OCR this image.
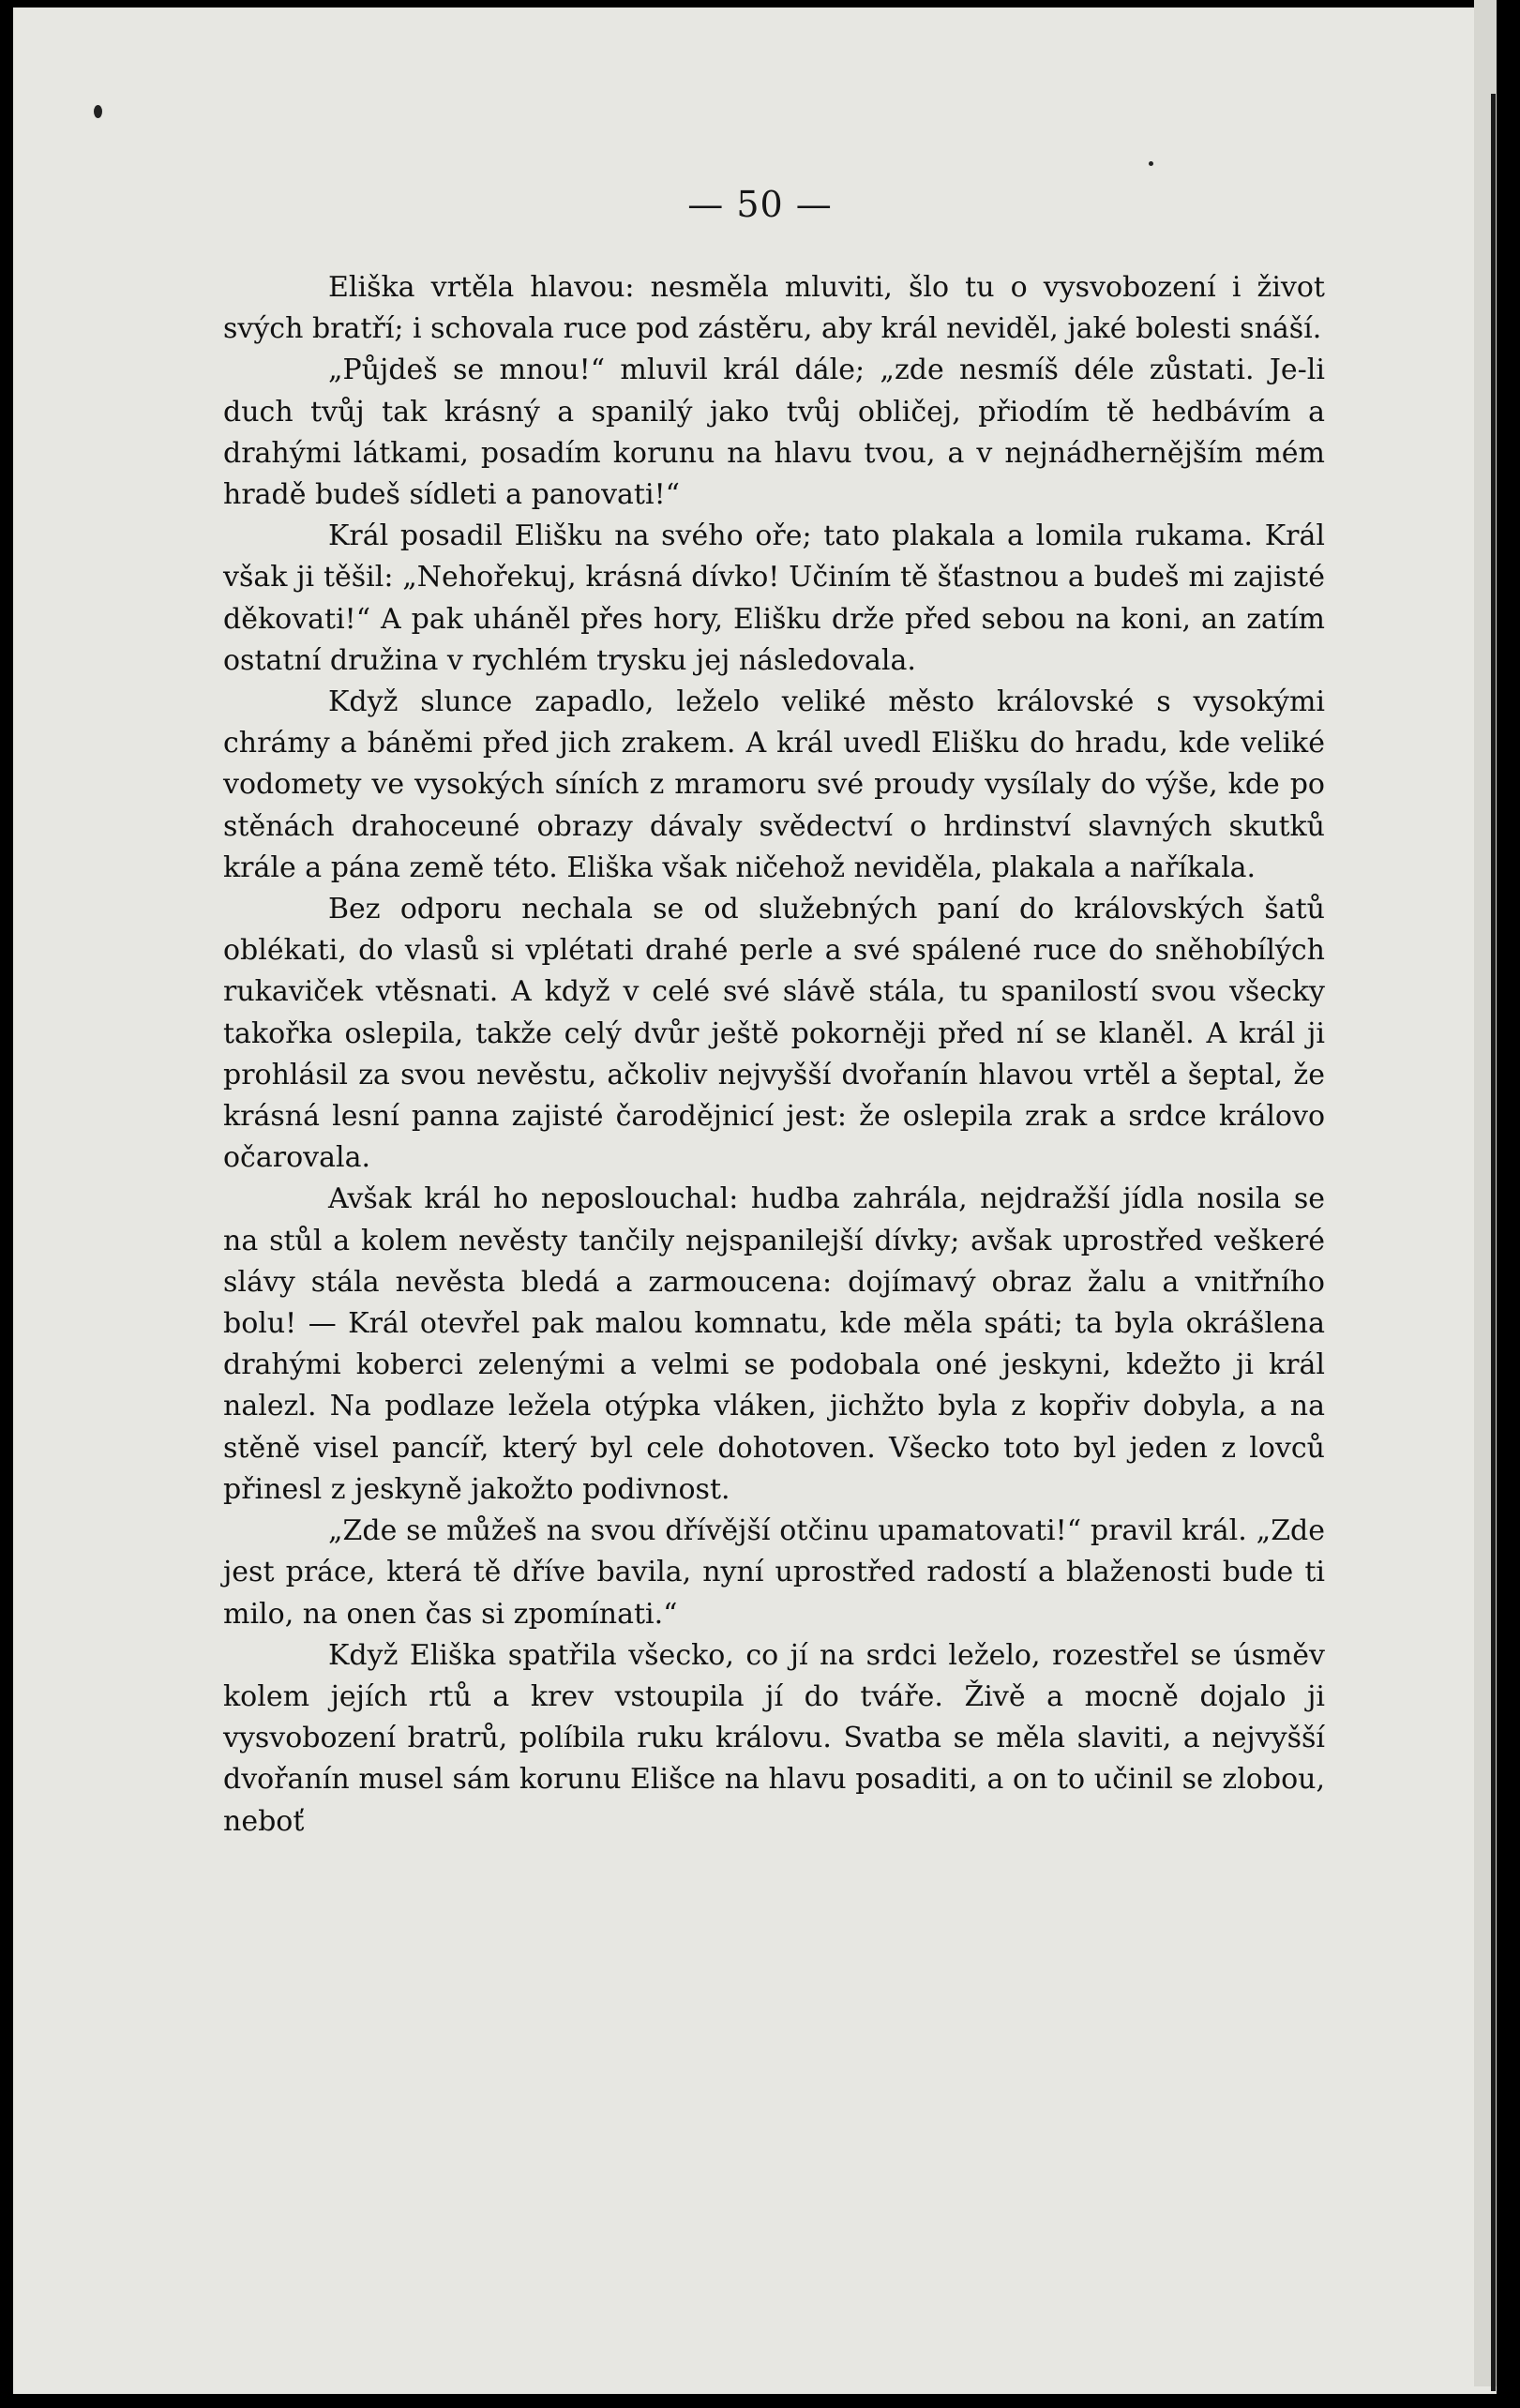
— 50 —

Eliška vrtěla hlavou: nesměla mluviti, šlo tu o vysvobození i život svých bratří; i schovala ruce pod zástěru, aby král neviděl, jaké bolesti snáší.

„Půjdeš se mnou!“ mluvil král dále; „zde nesmíš déle zůstati. Je-li duch tvůj tak krásný a spanilý jako tvůj obličej, přiodím tě hedbávím a drahými látkami, posadím korunu na hlavu tvou, a v nejnádhernějším mém hradě budeš sídleti a panovati!“

Král posadil Elišku na svého oře; tato plakala a lomila rukama. Král však ji těšil: „Nehořekuj, krásná dívko! Učiním tě šťastnou a budeš mi zajisté děkovati!“ A pak uháněl přes hory, Elišku drže před sebou na koni, an zatím ostatní družina v rychlém trysku jej následovala.

Když slunce zapadlo, leželo veliké město královské s vysokými chrámy a báněmi před jich zrakem. A král uvedl Elišku do hradu, kde veliké vodomety ve vysokých síních z mramoru své proudy vysílaly do výše, kde po stěnách drahoceuné obrazy dávaly svědectví o hrdinství slavných skutků krále a pána země této. Eliška však ničehož neviděla, plakala a naříkala.

Bez odporu nechala se od služebných paní do královských šatů oblékati, do vlasů si vplétati drahé perle a své spálené ruce do sněhobílých rukaviček vtěsnati. A když v celé své slávě stála, tu spanilostí svou všecky takořka oslepila, takže celý dvůr ještě pokorněji před ní se klaněl. A král ji prohlásil za svou nevěstu, ačkoliv nejvyšší dvořanín hlavou vrtěl a šeptal, že krásná lesní panna zajisté čarodějnicí jest: že oslepila zrak a srdce královo očarovala.

Avšak král ho neposlouchal: hudba zahrála, nejdražší jídla nosila se na stůl a kolem nevěsty tančily nejspanilejší dívky; avšak uprostřed veškeré slávy stála nevěsta bledá a zarmoucena: dojímavý obraz žalu a vnitřního bolu! — Král otevřel pak malou komnatu, kde měla spáti; ta byla okrášlena drahými koberci zelenými a velmi se podobala oné jeskyni, kdežto ji král nalezl. Na podlaze ležela otýpka vláken, jichžto byla z kopřiv dobyla, a na stěně visel pancíř, který byl cele dohotoven. Všecko toto byl jeden z lovců přinesl z jeskyně jakožto podivnost.

„Zde se můžeš na svou dřívější otčinu upamatovati!“ pravil král. „Zde jest práce, která tě dříve bavila, nyní uprostřed radostí a blaženosti bude ti milo, na onen čas si zpomínati.“

Když Eliška spatřila všecko, co jí na srdci leželo, rozestřel se úsměv kolem jejích rtů a krev vstoupila jí do tváře. Živě a mocně dojalo ji vysvobození bratrů, políbila ruku královu. Svatba se měla slaviti, a nejvyšší dvořanín musel sám korunu Elišce na hlavu posaditi, a on to učinil se zlobou, neboť
